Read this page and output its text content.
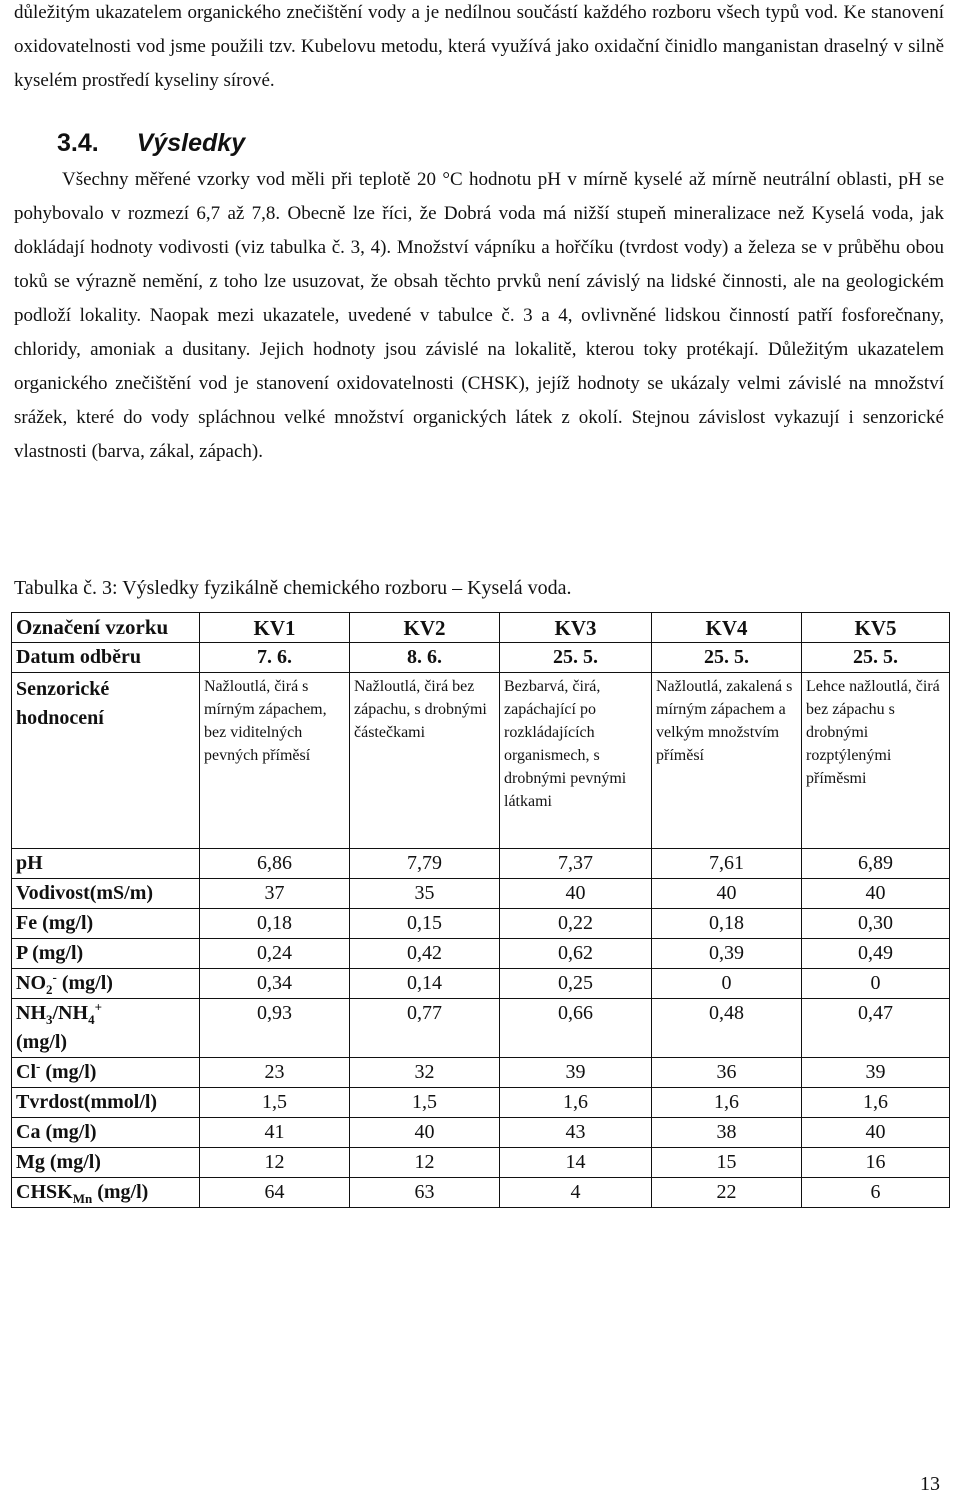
důležitým ukazatelem organického znečištění vody a je nedílnou součástí každého rozboru všech typů vod. Ke stanovení oxidovatelnosti vod jsme použili tzv. Kubelovu metodu, která využívá jako oxidační činidlo manganistan draselný v silně kyselém prostředí kyseliny sírové.

3.4. Výsledky

Všechny měřené vzorky vod měli při teplotě 20 °C hodnotu pH v mírně kyselé až mírně neutrální oblasti, pH se pohybovalo v rozmezí 6,7 až 7,8. Obecně lze říci, že Dobrá voda má nižší stupeň mineralizace než Kyselá voda, jak dokládají hodnoty vodivosti (viz tabulka č. 3, 4). Množství vápníku a hořčíku (tvrdost vody) a železa se v průběhu obou toků se výrazně nemění, z toho lze usuzovat, že obsah těchto prvků není závislý na lidské činnosti, ale na geologickém podloží lokality. Naopak mezi ukazatele, uvedené v tabulce č. 3 a 4, ovlivněné lidskou činností patří fosforečnany, chloridy, amoniak a dusitany. Jejich hodnoty jsou závislé na lokalitě, kterou toky protékají. Důležitým ukazatelem organického znečištění vod je stanovení oxidovatelnosti (CHSK), jejíž hodnoty se ukázaly velmi závislé na množství srážek, které do vody spláchnou velké množství organických látek z okolí. Stejnou závislost vykazují i senzorické vlastnosti (barva, zákal, zápach).

Tabulka č. 3: Výsledky fyzikálně chemického rozboru – Kyselá voda.

Označení vzorku	KV1	KV2	KV3	KV4	KV5
Datum odběru	7. 6.	8. 6.	25. 5.	25. 5.	25. 5.
Senzorické hodnocení	Nažloutlá, čirá s mírným zápachem, bez viditelných pevných příměsí	Nažloutlá, čirá bez zápachu, s drobnými částečkami	Bezbarvá, čirá, zapáchající po rozkládajících organismech, s drobnými pevnými látkami	Nažloutlá, zakalená s mírným zápachem a velkým množstvím příměsí	Lehce nažloutlá, čirá bez zápachu s drobnými rozptýlenými příměsmi
pH	6,86	7,79	7,37	7,61	6,89
Vodivost(mS/m)	37	35	40	40	40
Fe (mg/l)	0,18	0,15	0,22	0,18	0,30
P (mg/l)	0,24	0,42	0,62	0,39	0,49
$NO_2^-$ (mg/l)	0,34	0,14	0,25	0	0
$NH_3/NH_4^+$
(mg/l)	0,93	0,77	0,66	0,48	0,47
Cl- (mg/l)	23	32	39	36	39
Tvrdost(mmol/l)	1,5	1,5	1,6	1,6	1,6
Ca (mg/l)	41	40	43	38	40
Mg (mg/l)	12	12	14	15	16
$CHSK_{Mn}$ (mg/l)	64	63	4	22	6

13
